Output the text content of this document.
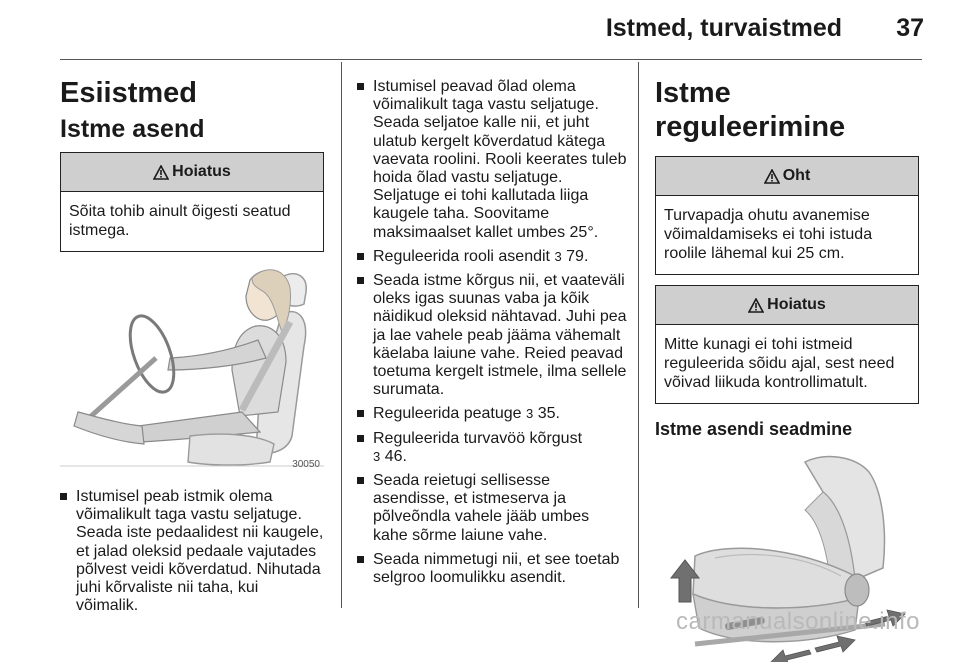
Istmed, turvaistmed 37
Esiistmed
Istme asend
Hoiatus
Sõita tohib ainult õigesti seatud istmega.
30050
Istumisel peab istmik olema võimalikult taga vastu seljatuge. Seada iste pedaalidest nii kaugele, et jalad oleksid pedaale vajutades põlvest veidi kõverdatud. Nihutada juhi kõrvaliste nii taha, kui võimalik.
Istumisel peavad õlad olema võimalikult taga vastu seljatuge. Seada seljatoe kalle nii, et juht ulatub kergelt kõverdatud kätega vaevata roolini. Rooli keerates tuleb hoida õlad vastu seljatuge. Seljatuge ei tohi kallutada liiga kaugele taha. Soovitame maksimaalset kallet umbes 25°.
Reguleerida rooli asendit 3 79.
Seada istme kõrgus nii, et vaateväli oleks igas suunas vaba ja kõik näidikud oleksid nähtavad. Juhi pea ja lae vahele peab jääma vähemalt käelaba laiune vahe. Reied peavad toetuma kergelt istmele, ilma sellele surumata.
Reguleerida peatuge 3 35.
Reguleerida turvavöö kõrgust
3 46.
Seada reietugi sellisesse asendisse, et istmeserva ja põlveõndla vahele jääb umbes kahe sõrme laiune vahe.
Seada nimmetugi nii, et see toetab selgroo loomulikku asendit.
Istme reguleerimine
Oht
Turvapadja ohutu avanemise võimaldamiseks ei tohi istuda roolile lähemal kui 25 cm.
Hoiatus
Mitte kunagi ei tohi istmeid reguleerida sõidu ajal, sest need võivad liikuda kontrollimatult.
Istme asendi seadmine
carmanualsonline.info
